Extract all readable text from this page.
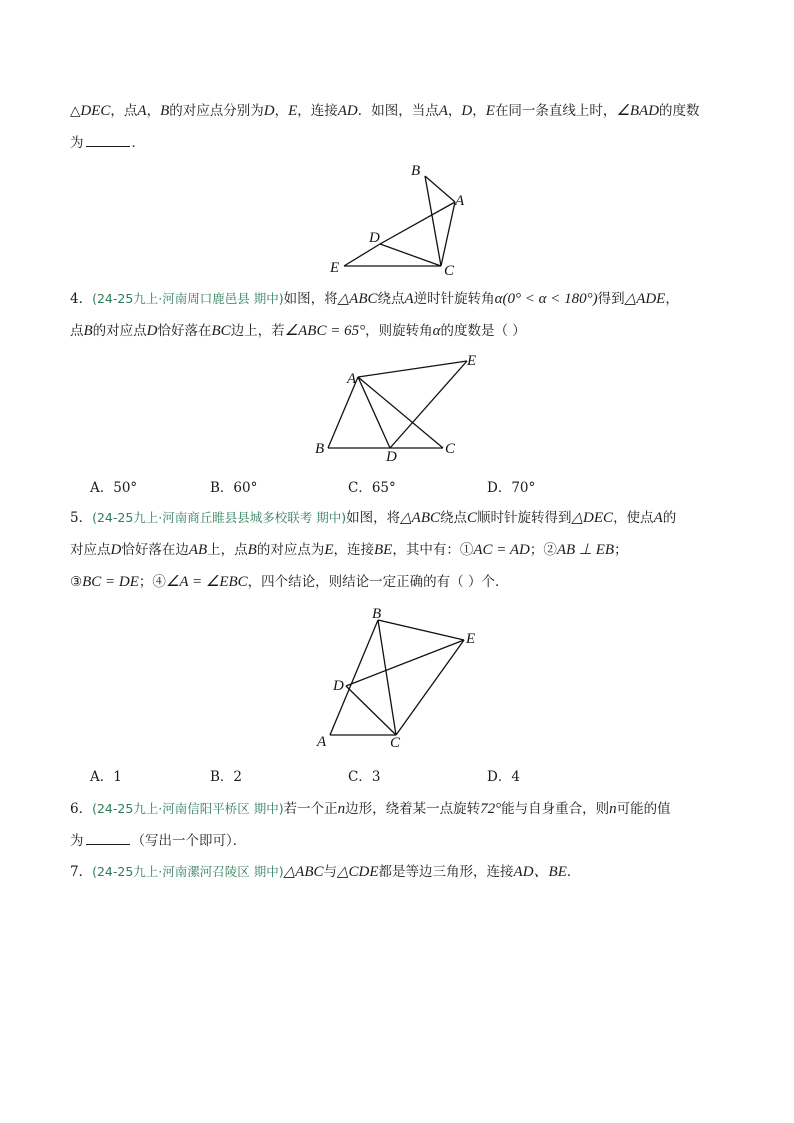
△DEC，点A，B的对应点分别为D，E，连接AD．如图，当点A，D，E在同一条直线上时，∠BAD的度数
为	．
B
A
D
E	C
4．(24-25九上·河南周口鹿邑县 期中)如图，将△ABC绕点A逆时针旋转角α(0° < α < 180°)得到△ADE，
点B的对应点D恰好落在BC边上，若∠ABC = 65°，则旋转角α的度数是（ ）
A
E
B	D	C
A．50°	B．60°	C．65°	D．70°
5．(24-25九上·河南商丘睢县县城多校联考 期中)如图，将△ABC绕点C顺时针旋转得到△DEC，使点A的
对应点D恰好落在边AB上，点B的对应点为E，连接BE，其中有：①AC = AD；②AB ⊥ EB；
③BC = DE；④∠A = ∠EBC，四个结论，则结论一定正确的有（ ）个．
B
E
D
A	C
A．1	B．2	C．3	D．4
6．(24-25九上·河南信阳平桥区 期中)若一个正n边形，绕着某一点旋转72°能与自身重合，则n可能的值
为	（写出一个即可）．
7．(24-25九上·河南漯河召陵区 期中)△ABC与△CDE都是等边三角形，连接AD、BE．
